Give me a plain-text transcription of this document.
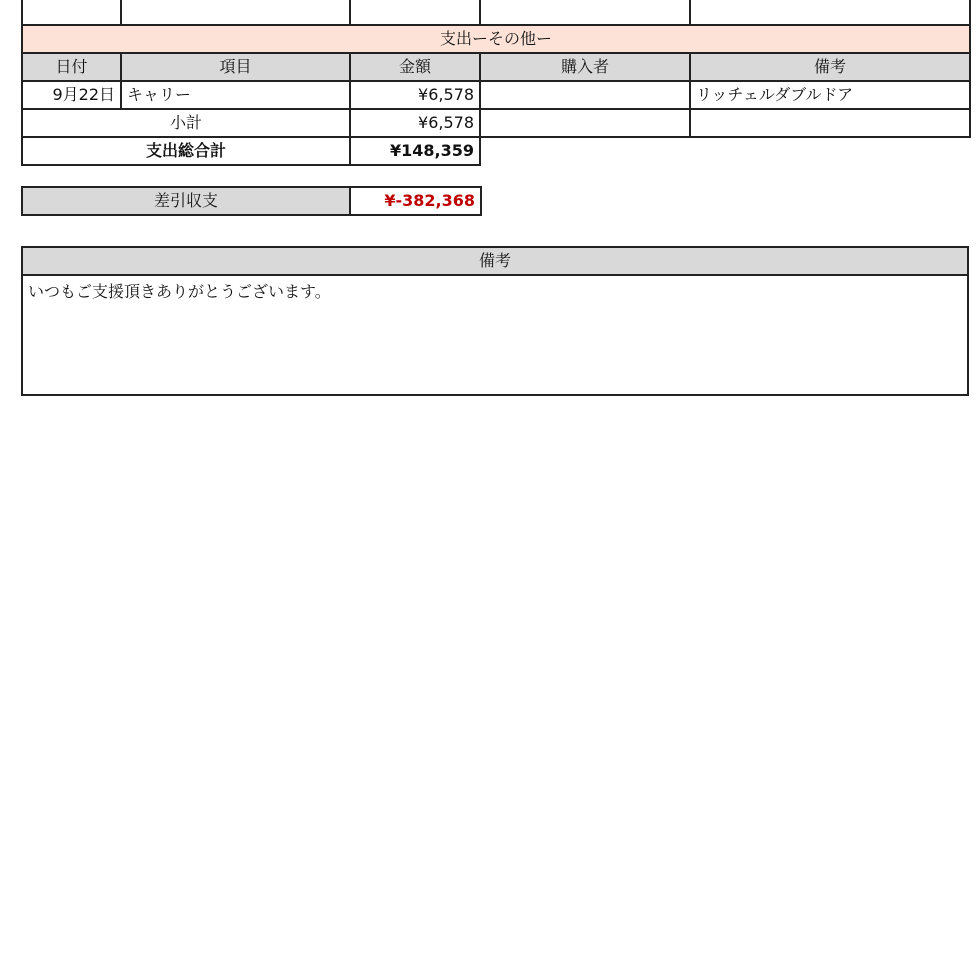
支出ーその他ー				
日付	項目	金額	購入者	備考
9月22日	キャリー	¥6,578		リッチェルダブルドア
小計		¥6,578		
支出総合計		¥148,359		
差引収支	¥-382,368
備考
いつもご支援頂きありがとうございます。
